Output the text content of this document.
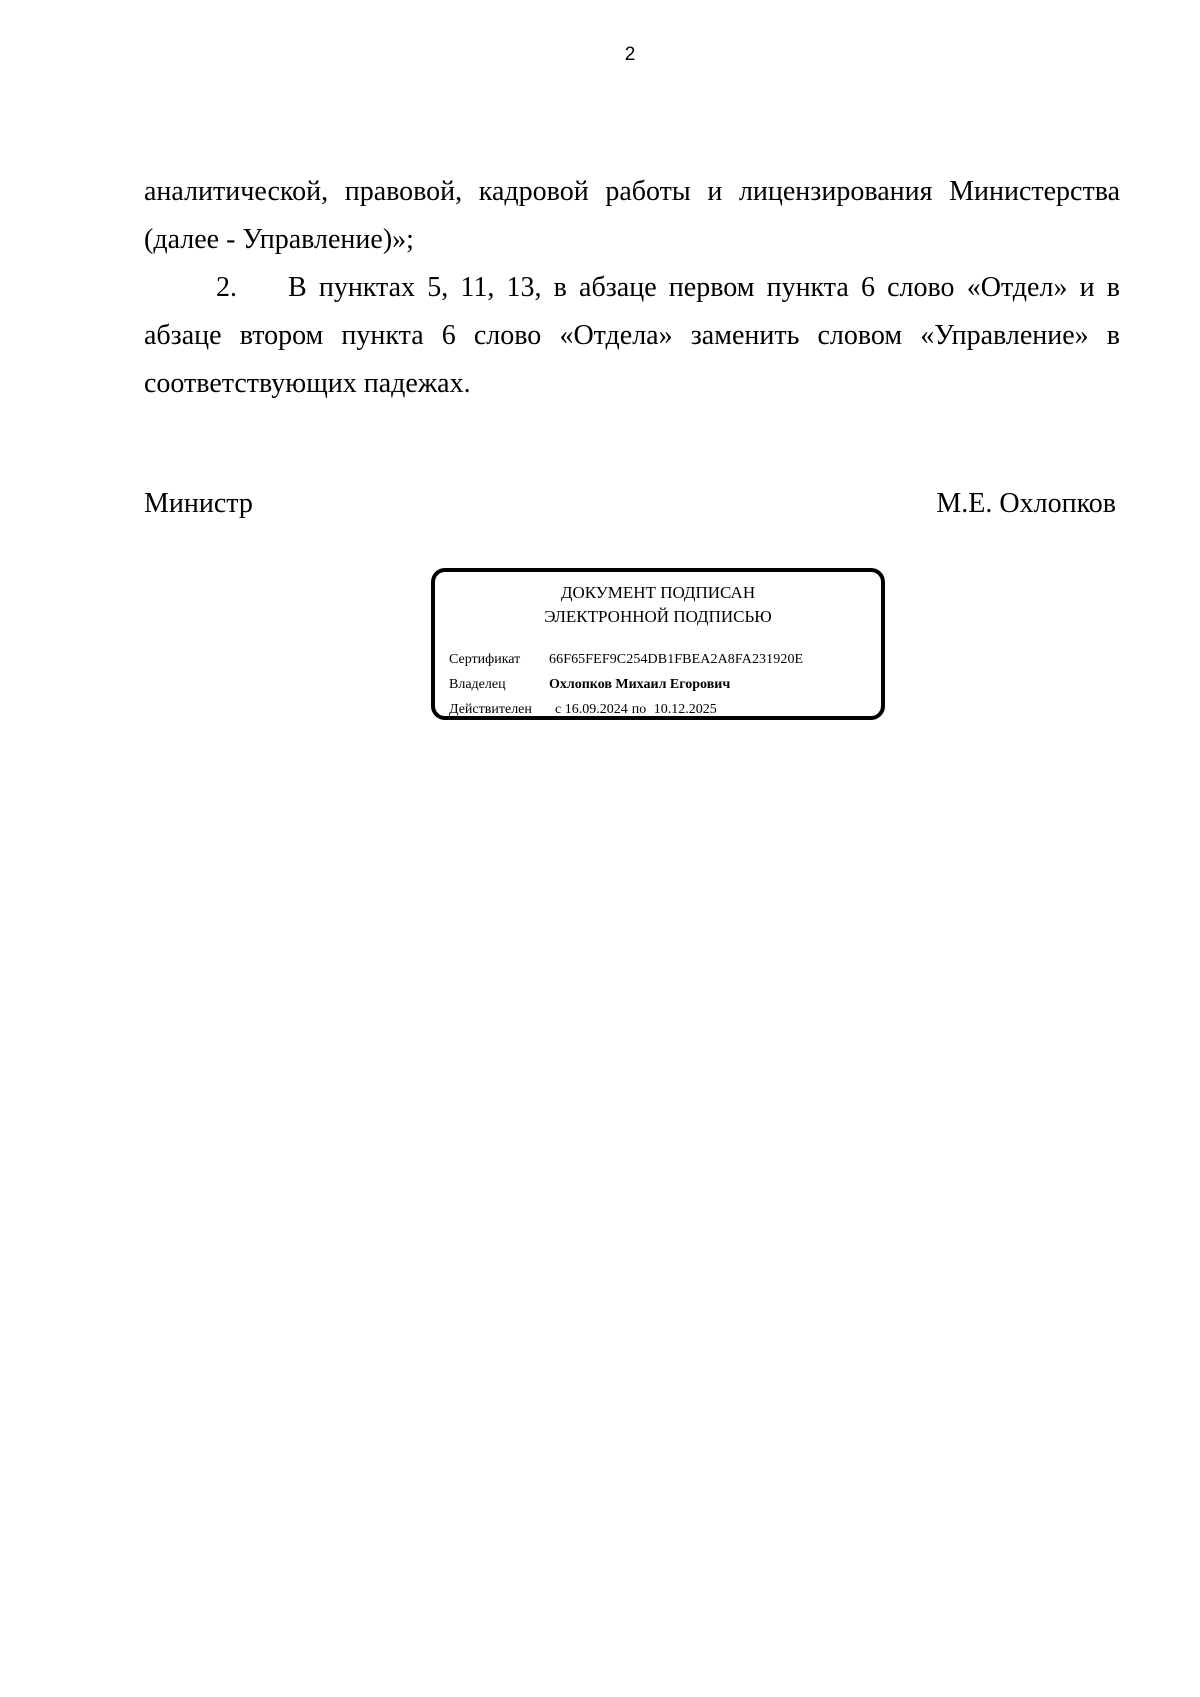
2

аналитической, правовой, кадровой работы и лицензирования Министерства (далее - Управление)»;

2. В пунктах 5, 11, 13, в абзаце первом пункта 6 слово «Отдел» и в абзаце втором пункта 6 слово «Отдела» заменить словом «Управление» в соответствующих падежах.

Министр	М.Е. Охлопков
ДОКУМЕНТ ПОДПИСАН
ЭЛЕКТРОННОЙ ПОДПИСЬЮ
Сертификат 66F65FEF9C254DB1FBEA2A8FA231920E
Владелец	Охлопков Михаил Егорович
Действителен с 16.09.2024 по 10.12.2025
